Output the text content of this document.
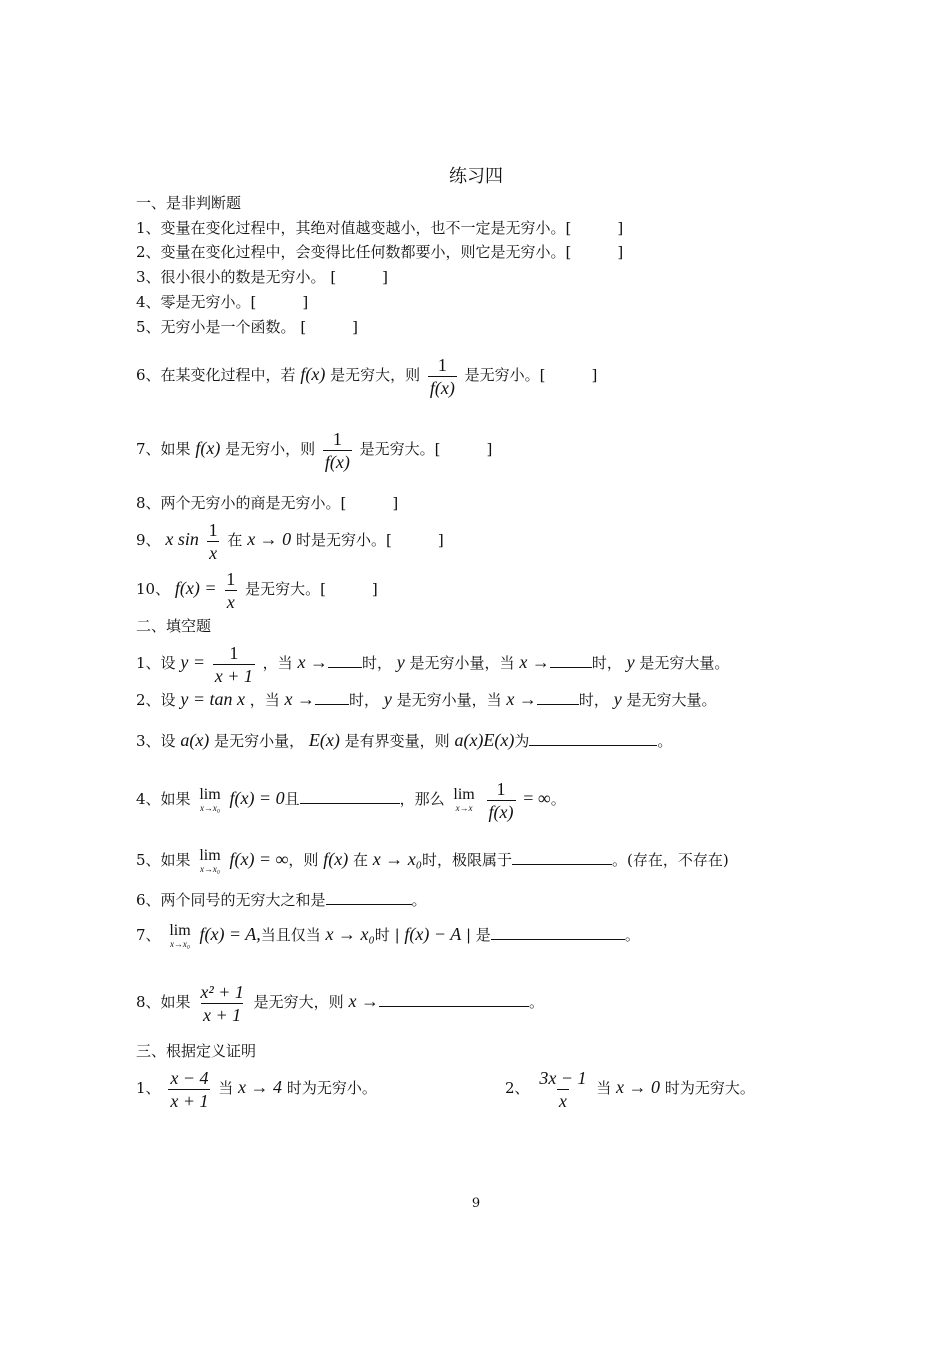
练习四
一、是非判断题
1、变量在变化过程中，其绝对值越变越小，也不一定是无穷小。[	]
2、变量在变化过程中，会变得比任何数都要小，则它是无穷小。[	]
3、很小很小的数是无穷小。 [	]
4、零是无穷小。[	]
5、无穷小是一个函数。 [	]
6、在某变化过程中，若 f(x) 是无穷大，则 $\frac{1}{f(x)}$ 是无穷小。[	]
7、如果 f(x) 是无穷小，则 $\frac{1}{f(x)}$ 是无穷大。[	]
8、两个无穷小的商是无穷小。[	]
9、 x $\sin \frac{1}{x}$ 在 x → 0 时是无穷小。[	]
10、 $f(x) = \frac{1}{x}$ 是无穷大。[	]
二、填空题
1、设 $y = \frac{1}{x + 1}$ ，当 x → 时， y 是无穷小量，当 x →	时， y 是无穷大量。
2、设 y = tan x ，当 x → 时， y 是无穷小量，当 x →	时， y 是无穷大量。
3、设 a(x) 是无穷小量， E(x) 是有界变量，则 a(x)E(x)为	。
4、如果 lim
x→x₀ f(x) = 0且	，那么 lim
x→x
$\frac{1}{f(x)}$ = ∞。
5、如果 lim
x→x₀ f(x) = ∞，则 f(x) 在 x → x₀时，极限属于	。(存在，不存在)
6、两个同号的无穷大之和是	。
7、 lim
x→x₀ f(x) = A,当且仅当 x → x₀时 | f(x) − A | 是	。
8、如果 $\frac{\text{x² + 1}}{x + 1}$ 是无穷大，则 x →	。
三、根据定义证明
1、 $\frac{x - 4}{x + 1}$ 当 x → 4 时为无穷小。	2、 $\frac{3x - 1}{x}$ 当 x → 0 时为无穷大。
9
